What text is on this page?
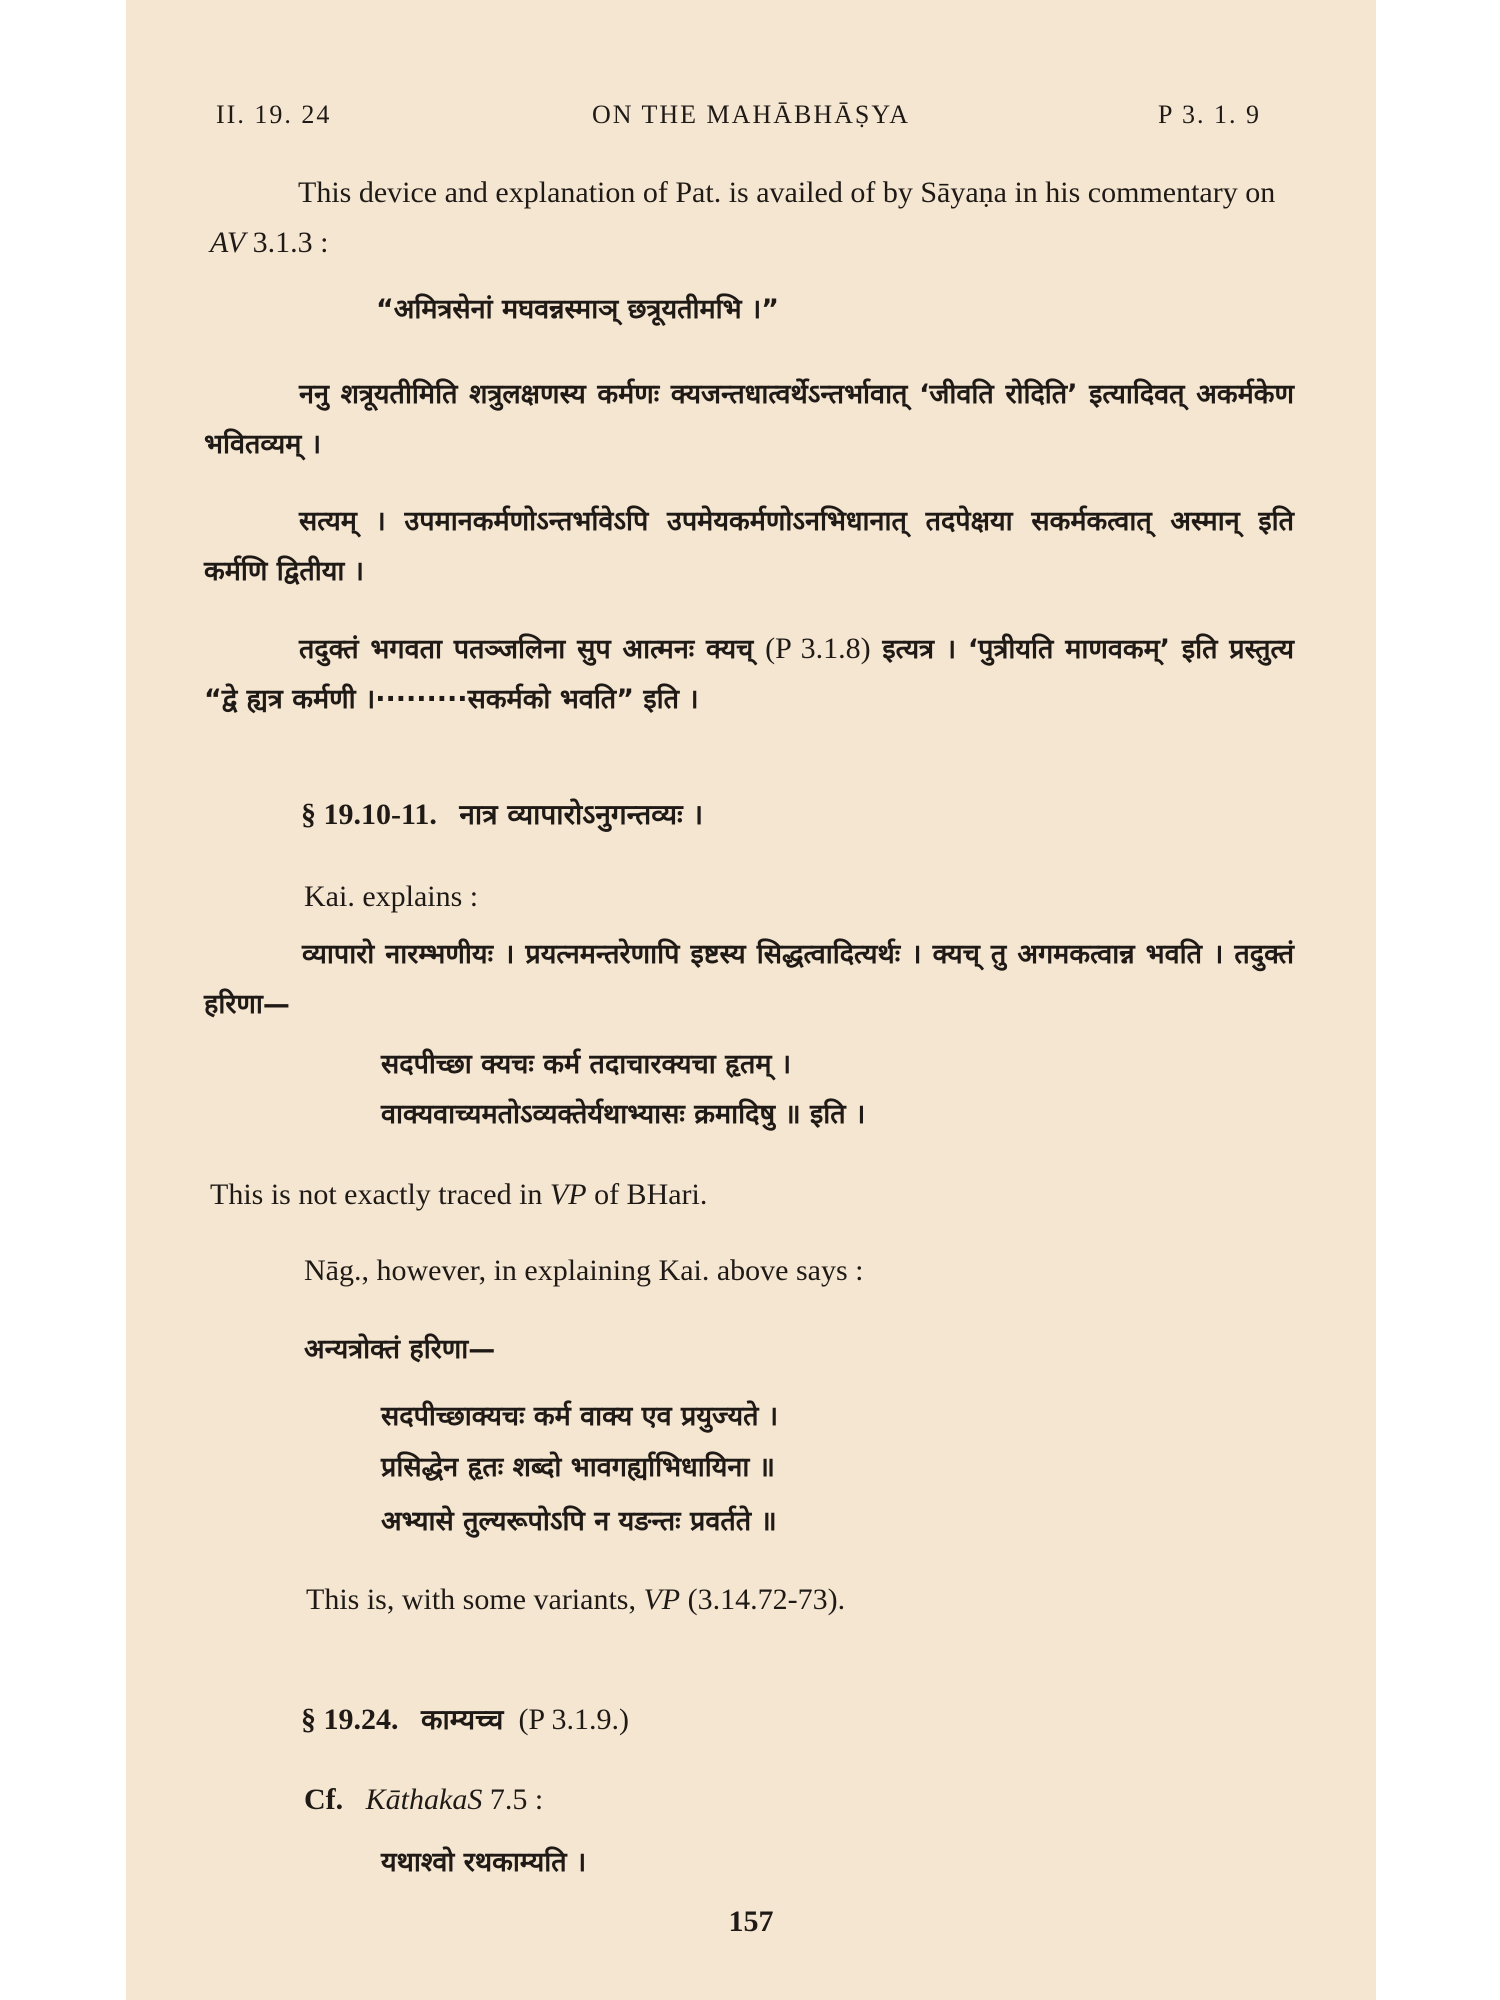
II. 19. 24	ON THE MAHĀBHĀṢYA	P 3. 1. 9
This device and explanation of Pat. is availed of by Sāyaṇa in his commentary on AV 3.1.3 :
“अमित्रसेनां मघवन्नस्माञ् छत्रूयतीमभि ।”
ननु शत्रूयतीमिति शत्रुलक्षणस्य कर्मणः क्यजन्तधात्वर्थेऽन्तर्भावात् ‘जीवति रोदिति’ इत्यादिवत् अकर्मकेण भवितव्यम् ।
सत्यम् । उपमानकर्मणोऽन्तर्भावेऽपि उपमेयकर्मणोऽनभिधानात् तदपेक्षया सकर्मकत्वात् अस्मान् इति कर्मणि द्वितीया ।
तदुक्तं भगवता पतञ्जलिना सुप आत्मनः क्यच् (P 3.1.8) इत्यत्र । ‘पुत्रीयति माणवकम्’ इति प्रस्तुत्य “द्वे ह्यत्र कर्मणी ।·········सकर्मको भवति” इति ।
§ 19.10-11. नात्र व्यापारोऽनुगन्तव्यः ।
Kai. explains :
व्यापारो नारम्भणीयः । प्रयत्नमन्तरेणापि इष्टस्य सिद्धत्वादित्यर्थः । क्यच् तु अगमकत्वान्न भवति । तदुक्तं हरिणा—
सदपीच्छा क्यचः कर्म तदाचारक्यचा हृतम् ।
वाक्यवाच्यमतोऽव्यक्तेर्यथाभ्यासः क्रमादिषु ॥ इति ।
This is not exactly traced in VP of BHari.
Nāg., however, in explaining Kai. above says :
अन्यत्रोक्तं हरिणा—
सदपीच्छाक्यचः कर्म वाक्य एव प्रयुज्यते ।
प्रसिद्धेन हृतः शब्दो भावगर्ह्याभिधायिना ॥
अभ्यासे तुल्यरूपोऽपि न यङन्तः प्रवर्तते ॥
This is, with some variants, VP (3.14.72-73).
§ 19.24. काम्यच्च (P 3.1.9.)
Cf. KāthakaS 7.5 :
यथाश्वो रथकाम्यति ।
157
